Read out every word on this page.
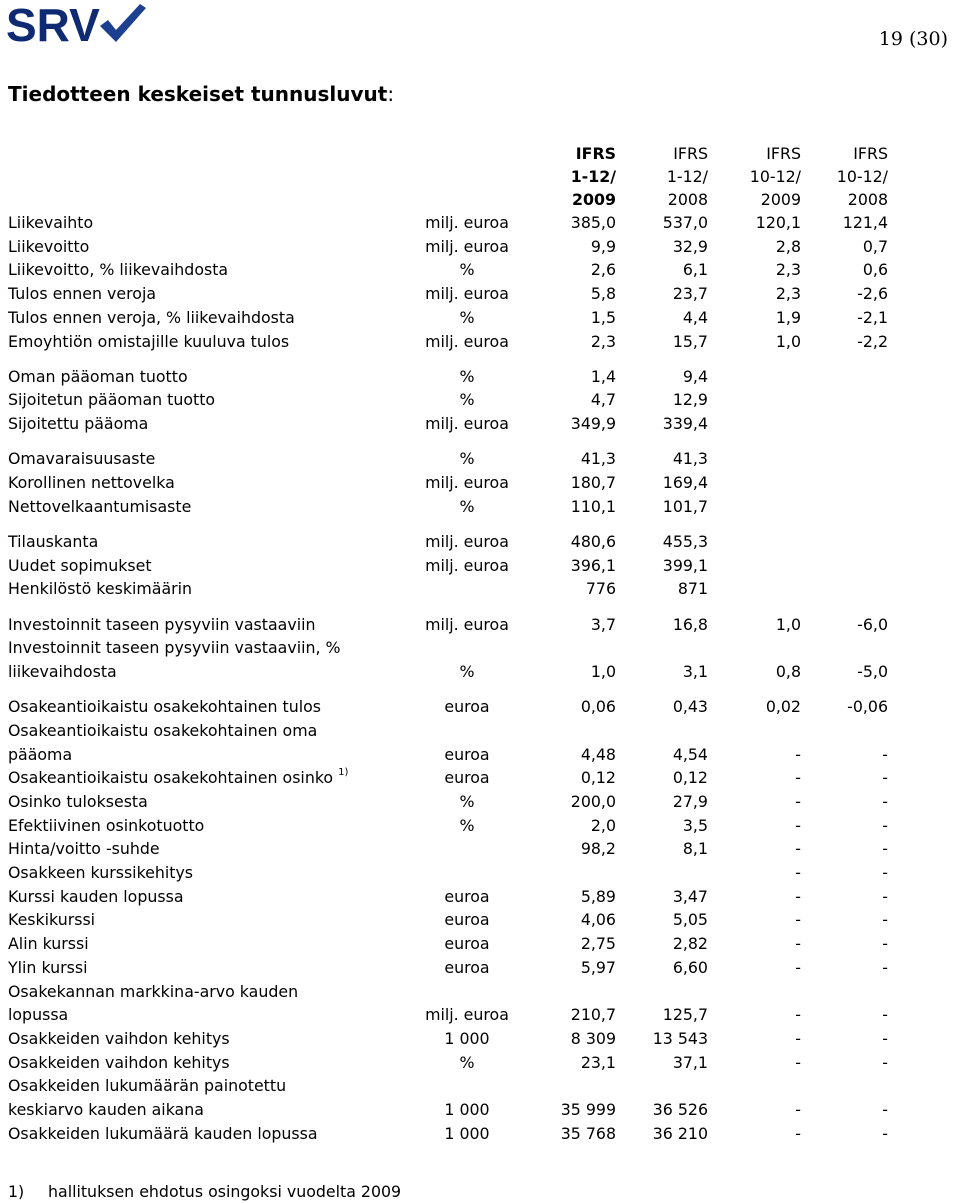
SRV	19 (30)
Tiedotteen keskeiset tunnusluvut:
		IFRS	IFRS	IFRS	IFRS
		1-12/	1-12/	10-12/	10-12/
		2009	2008	2009	2008
Liikevaihto	milj. euroa	385,0	537,0	120,1	121,4
Liikevoitto	milj. euroa	9,9	32,9	2,8	0,7
Liikevoitto, % liikevaihdosta	%	2,6	6,1	2,3	0,6
Tulos ennen veroja	milj. euroa	5,8	23,7	2,3	-2,6
Tulos ennen veroja, % liikevaihdosta	%	1,5	4,4	1,9	-2,1
Emoyhtiön omistajille kuuluva tulos	milj. euroa	2,3	15,7	1,0	-2,2

Oman pääoman tuotto	%	1,4	9,4		
Sijoitetun pääoman tuotto	%	4,7	12,9		
Sijoitettu pääoma	milj. euroa	349,9	339,4		

Omavaraisuusaste	%	41,3	41,3		
Korollinen nettovelka	milj. euroa	180,7	169,4		
Nettovelkaantumisaste	%	110,1	101,7		

Tilauskanta	milj. euroa	480,6	455,3		
Uudet sopimukset	milj. euroa	396,1	399,1		
Henkilöstö keskimäärin		776	871		

Investoinnit taseen pysyviin vastaaviin	milj. euroa	3,7	16,8	1,0	-6,0
Investoinnit taseen pysyviin vastaaviin, %
liikevaihdosta	%	1,0	3,1	0,8	-5,0

Osakeantioikaistu osakekohtainen tulos	euroa	0,06	0,43	0,02	-0,06
Osakeantioikaistu osakekohtainen oma
pääoma	euroa	4,48	4,54	-	-
Osakeantioikaistu osakekohtainen osinko $^{1)}$	euroa	0,12	0,12	-	-
Osinko tuloksesta	%	200,0	27,9	-	-
Efektiivinen osinkotuotto	%	2,0	3,5	-	-
Hinta/voitto -suhde		98,2	8,1	-	-
Osakkeen kurssikehitys				-	-
Kurssi kauden lopussa	euroa	5,89	3,47	-	-
Keskikurssi	euroa	4,06	5,05	-	-
Alin kurssi	euroa	2,75	2,82	-	-
Ylin kurssi	euroa	5,97	6,60	-	-
Osakekannan markkina-arvo kauden
lopussa	milj. euroa	210,7	125,7	-	-
Osakkeiden vaihdon kehitys	1 000	8 309	13 543	-	-
Osakkeiden vaihdon kehitys	%	23,1	37,1	-	-
Osakkeiden lukumäärän painotettu
keskiarvo kauden aikana	1 000	35 999	36 526	-	-
Osakkeiden lukumäärä kauden lopussa	1 000	35 768	36 210	-	-
1) hallituksen ehdotus osingoksi vuodelta 2009
